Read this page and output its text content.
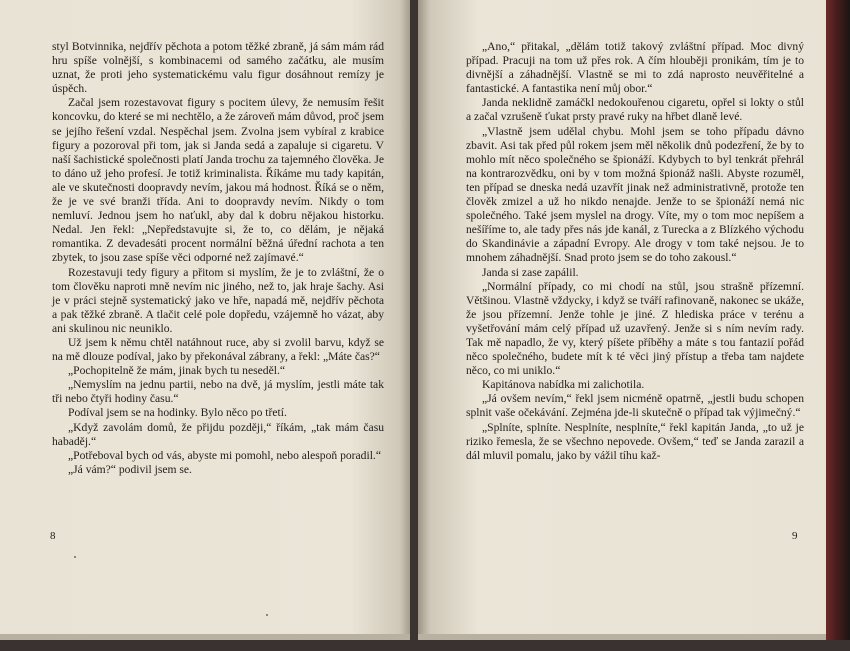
styl Botvinnika, nejdřív pěchota a potom těžké zbraně, já sám mám rád hru spíše volnější, s kombinacemi od samého začátku, ale musím uznat, že proti jeho systematickému valu figur dosáhnout remízy je úspěch.

Začal jsem rozestavovat figury s pocitem úlevy, že nemusím řešit koncovku, do které se mi nechtělo, a že zároveň mám důvod, proč jsem se jejího řešení vzdal. Nespěchal jsem. Zvolna jsem vybíral z krabice figury a pozoroval při tom, jak si Janda sedá a zapaluje si cigaretu. V naší šachistické společnosti platí Janda trochu za tajemného člověka. Je to dáno už jeho profesí. Je totiž kriminalista. Říkáme mu tady kapitán, ale ve skutečnosti doopravdy nevím, jakou má hodnost. Říká se o něm, že je ve své branži třída. Ani to doopravdy nevím. Nikdy o tom nemluví. Jednou jsem ho naťukl, aby dal k dobru nějakou historku. Nedal. Jen řekl: „Nepředstavujte si, že to, co dělám, je nějaká romantika. Z devadesáti procent normální běžná úřední rachota a ten zbytek, to jsou zase spíše věci odporné než zajímavé.“

Rozestavuji tedy figury a přitom si myslím, že je to zvláštní, že o tom člověku naproti mně nevím nic jiného, než to, jak hraje šachy. Asi je v práci stejně systematický jako ve hře, napadá mě, nejdřív pěchota a pak těžké zbraně. A tlačit celé pole dopředu, vzájemně ho vázat, aby ani skulinou nic neuniklo.

Už jsem k němu chtěl natáhnout ruce, aby si zvolil barvu, když se na mě dlouze podíval, jako by překonával zábrany, a řekl: „Máte čas?“

„Pochopitelně že mám, jinak bych tu neseděl.“

„Nemyslím na jednu partii, nebo na dvě, já myslím, jestli máte tak tři nebo čtyři hodiny času.“

Podíval jsem se na hodinky. Bylo něco po třetí.

„Když zavolám domů, že přijdu později,“ říkám, „tak mám času habaděj.“

„Potřeboval bych od vás, abyste mi pomohl, nebo alespoň poradil.“

„Já vám?“ podivil jsem se.

8

„Ano,“ přitakal, „dělám totiž takový zvláštní případ. Moc divný případ. Pracuji na tom už přes rok. A čím hlouběji pronikám, tím je to divnější a záhadnější. Vlastně se mi to zdá naprosto neuvěřitelné a fantastické. A fantastika není můj obor.“

Janda neklidně zamáčkl nedokouřenou cigaretu, opřel si lokty o stůl a začal vzrušeně ťukat prsty pravé ruky na hřbet dlaně levé.

„Vlastně jsem udělal chybu. Mohl jsem se toho případu dávno zbavit. Asi tak před půl rokem jsem měl několik dnů podezření, že by to mohlo mít něco společného se špionáží. Kdybych to byl tenkrát přehrál na kontrarozvědku, oni by v tom možná špionáž našli. Abyste rozuměl, ten případ se dneska nedá uzavřít jinak než administrativně, protože ten člověk zmizel a už ho nikdo nenajde. Jenže to se špionáží nemá nic společného. Také jsem myslel na drogy. Víte, my o tom moc nepíšem a nešíříme to, ale tady přes nás jde kanál, z Turecka a z Blízkého východu do Skandinávie a západní Evropy. Ale drogy v tom také nejsou. Je to mnohem záhadnější. Snad proto jsem se do toho zakousl.“

Janda si zase zapálil.

„Normální případy, co mi chodí na stůl, jsou strašně přízemní. Většinou. Vlastně vždycky, i když se tváří rafinovaně, nakonec se ukáže, že jsou přízemní. Jenže tohle je jiné. Z hlediska práce v terénu a vyšetřování mám celý případ už uzavřený. Jenže si s ním nevím rady. Tak mě napadlo, že vy, který píšete příběhy a máte s tou fantazií pořád něco společného, budete mít k té věci jiný přístup a třeba tam najdete něco, co mi uniklo.“

Kapitánova nabídka mi zalichotila.

„Já ovšem nevím,“ řekl jsem nicméně opatrně, „jestli budu schopen splnit vaše očekávání. Zejména jde-li skutečně o případ tak výjimečný.“

„Splníte, splníte. Nesplníte, nesplníte,“ řekl kapitán Janda, „to už je riziko řemesla, že se všechno nepovede. Ovšem,“ teď se Janda zarazil a dál mluvil pomalu, jako by vážil tíhu kaž-

9
